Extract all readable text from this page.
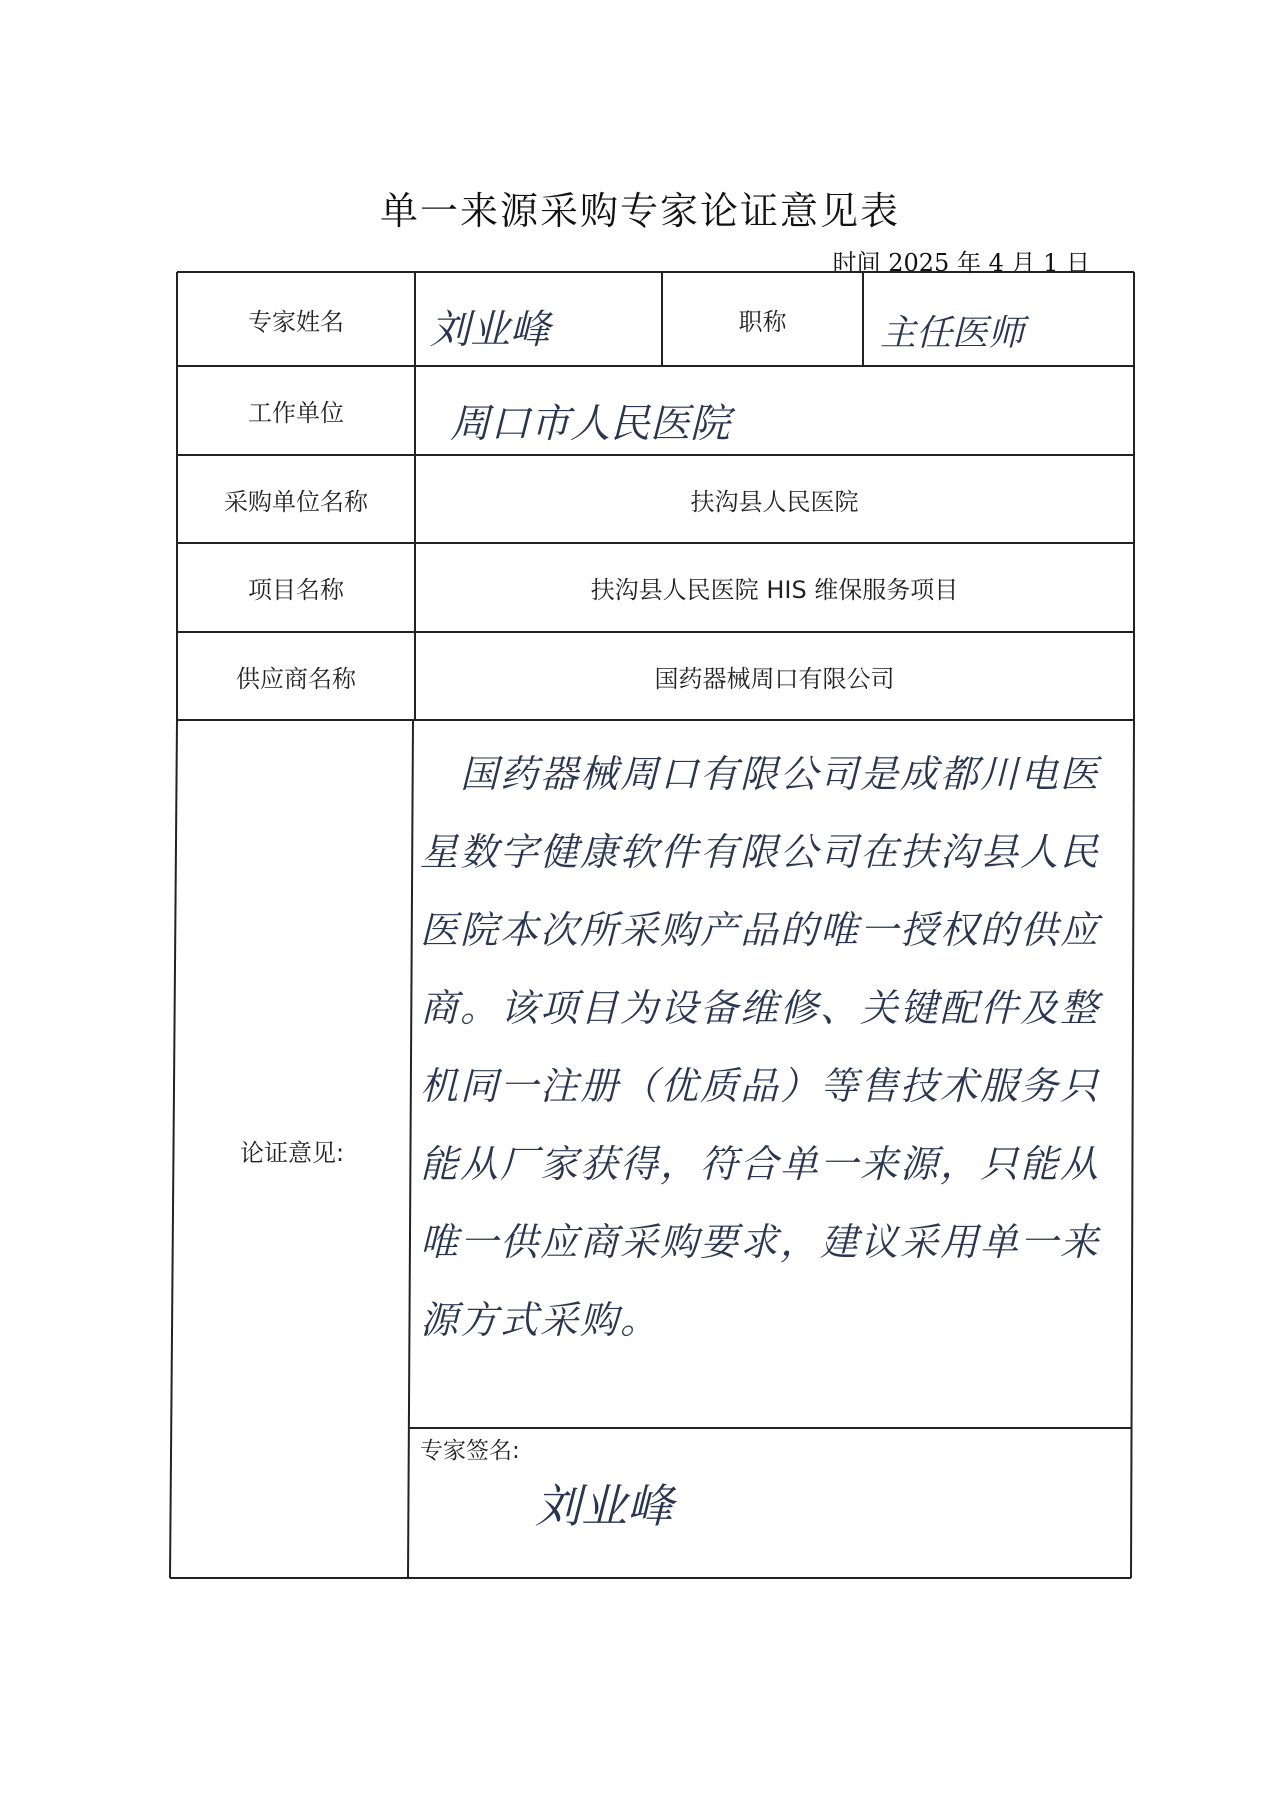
单一来源采购专家论证意见表
时间 2025 年 4 月 1 日
专家姓名	刘业峰	职称	主任医师
工作单位	周口市人民医院
采购单位名称	扶沟县人民医院
项目名称	扶沟县人民医院 HIS 维保服务项目
供应商名称	国药器械周口有限公司
论证意见:
国药器械周口有限公司是成都川电医星数字健康软件有限公司在扶沟县人民医院本次所采购产品的唯一授权的供应商。该项目为设备维修、关键配件及整机同一注册（优质品）等售技术服务只能从厂家获得，符合单一来源，只能从唯一供应商采购要求，建议采用单一来源方式采购。
专家签名:
刘业峰
